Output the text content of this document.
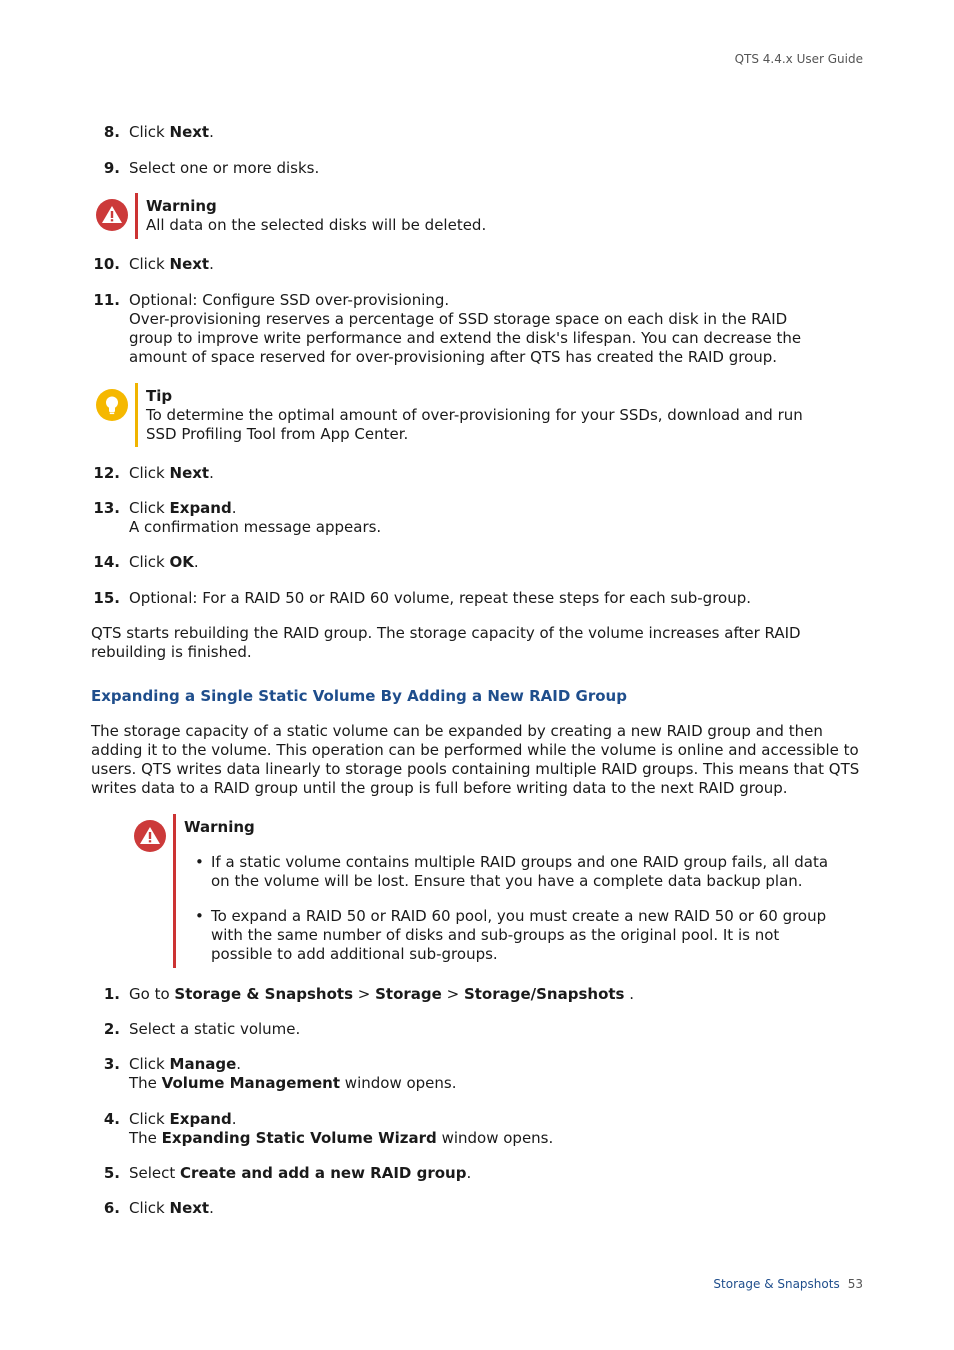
QTS 4.4.x User Guide
8. Click Next.
9. Select one or more disks.
Warning
All data on the selected disks will be deleted.
10. Click Next.
11. Optional: Configure SSD over-provisioning.
Over-provisioning reserves a percentage of SSD storage space on each disk in the RAID group to improve write performance and extend the disk's lifespan. You can decrease the amount of space reserved for over-provisioning after QTS has created the RAID group.
Tip
To determine the optimal amount of over-provisioning for your SSDs, download and run SSD Profiling Tool from App Center.
12. Click Next.
13. Click Expand.
A confirmation message appears.
14. Click OK.
15. Optional: For a RAID 50 or RAID 60 volume, repeat these steps for each sub-group.
QTS starts rebuilding the RAID group. The storage capacity of the volume increases after RAID rebuilding is finished.
Expanding a Single Static Volume By Adding a New RAID Group
The storage capacity of a static volume can be expanded by creating a new RAID group and then adding it to the volume. This operation can be performed while the volume is online and accessible to users. QTS writes data linearly to storage pools containing multiple RAID groups. This means that QTS writes data to a RAID group until the group is full before writing data to the next RAID group.
Warning
• If a static volume contains multiple RAID groups and one RAID group fails, all data on the volume will be lost. Ensure that you have a complete data backup plan.
• To expand a RAID 50 or RAID 60 pool, you must create a new RAID 50 or 60 group with the same number of disks and sub-groups as the original pool. It is not possible to add additional sub-groups.
1. Go to Storage & Snapshots > Storage > Storage/Snapshots .
2. Select a static volume.
3. Click Manage.
The Volume Management window opens.
4. Click Expand.
The Expanding Static Volume Wizard window opens.
5. Select Create and add a new RAID group.
6. Click Next.
Storage & Snapshots 53
